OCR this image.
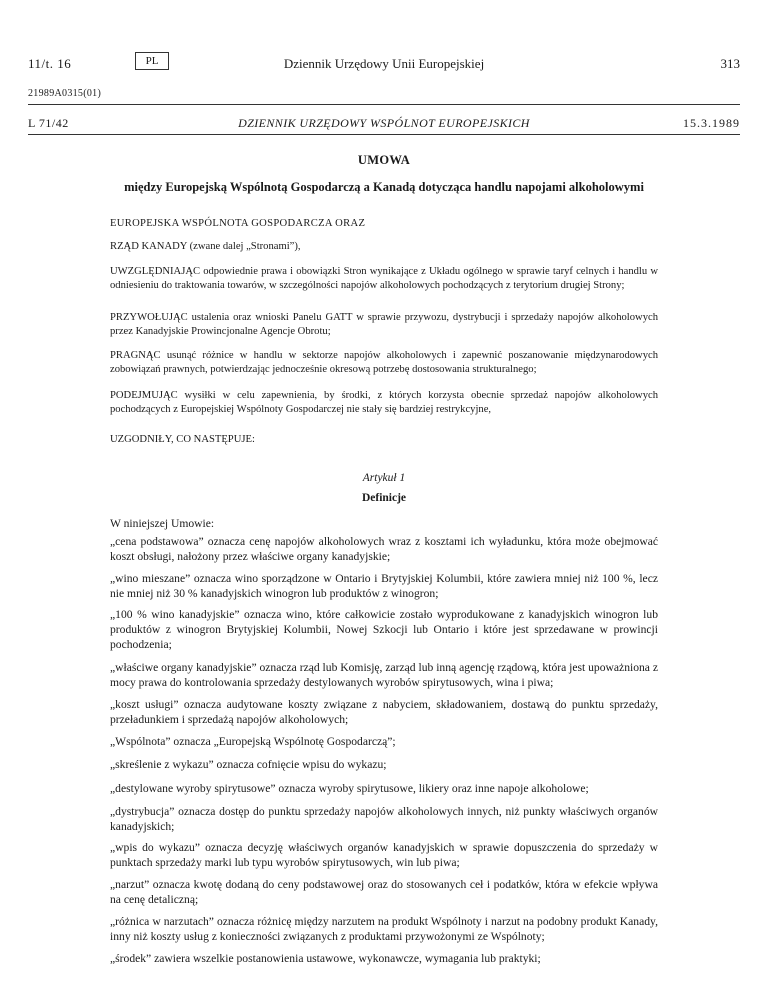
11/t. 16	PL	Dziennik Urzędowy Unii Europejskiej	313
21989A0315(01)
L 71/42	DZIENNIK URZĘDOWY WSPÓLNOT EUROPEJSKICH	15.3.1989
UMOWA
między Europejską Wspólnotą Gospodarczą a Kanadą dotycząca handlu napojami alkoholowymi

EUROPEJSKA WSPÓLNOTA GOSPODARCZA ORAZ

RZĄD KANADY (zwane dalej „Stronami”),

UWZGLĘDNIAJĄC odpowiednie prawa i obowiązki Stron wynikające z Układu ogólnego w sprawie taryf celnych i handlu w odniesieniu do traktowania towarów, w szczególności napojów alkoholowych pochodzących z terytorium drugiej Strony;

PRZYWOŁUJĄC ustalenia oraz wnioski Panelu GATT w sprawie przywozu, dystrybucji i sprzedaży napojów alkoholowych przez Kanadyjskie Prowincjonalne Agencje Obrotu;

PRAGNĄC usunąć różnice w handlu w sektorze napojów alkoholowych i zapewnić poszanowanie międzynarodowych zobowiązań prawnych, potwierdzając jednocześnie okresową potrzebę dostosowania strukturalnego;

PODEJMUJĄC wysiłki w celu zapewnienia, by środki, z których korzysta obecnie sprzedaż napojów alkoholowych pochodzących z Europejskiej Wspólnoty Gospodarczej nie stały się bardziej restrykcyjne,

UZGODNIŁY, CO NASTĘPUJE:

Artykuł 1
Definicje

W niniejszej Umowie:

„cena podstawowa” oznacza cenę napojów alkoholowych wraz z kosztami ich wyładunku, która może obejmować koszt obsługi, nałożony przez właściwe organy kanadyjskie;

„wino mieszane” oznacza wino sporządzone w Ontario i Brytyjskiej Kolumbii, które zawiera mniej niż 100 %, lecz nie mniej niż 30 % kanadyjskich winogron lub produktów z winogron;

„100 % wino kanadyjskie” oznacza wino, które całkowicie zostało wyprodukowane z kanadyjskich winogron lub produktów z winogron Brytyjskiej Kolumbii, Nowej Szkocji lub Ontario i które jest sprzedawane w prowincji pochodzenia;

„właściwe organy kanadyjskie” oznacza rząd lub Komisję, zarząd lub inną agencję rządową, która jest upoważniona z mocy prawa do kontrolowania sprzedaży destylowanych wyrobów spirytusowych, wina i piwa;

„koszt usługi” oznacza audytowane koszty związane z nabyciem, składowaniem, dostawą do punktu sprzedaży, przeładunkiem i sprzedażą napojów alkoholowych;

„Wspólnota” oznacza „Europejską Wspólnotę Gospodarczą”;

„skreślenie z wykazu” oznacza cofnięcie wpisu do wykazu;

„destylowane wyroby spirytusowe” oznacza wyroby spirytusowe, likiery oraz inne napoje alkoholowe;

„dystrybucja” oznacza dostęp do punktu sprzedaży napojów alkoholowych innych, niż punkty właściwych organów kanadyjskich;

„wpis do wykazu” oznacza decyzję właściwych organów kanadyjskich w sprawie dopuszczenia do sprzedaży w punktach sprzedaży marki lub typu wyrobów spirytusowych, win lub piwa;

„narzut” oznacza kwotę dodaną do ceny podstawowej oraz do stosowanych ceł i podatków, która w efekcie wpływa na cenę detaliczną;

„różnica w narzutach” oznacza różnicę między narzutem na produkt Wspólnoty i narzut na podobny produkt Kanady, inny niż koszty usług z konieczności związanych z produktami przywożonymi ze Wspólnoty;

„środek” zawiera wszelkie postanowienia ustawowe, wykonawcze, wymagania lub praktyki;
